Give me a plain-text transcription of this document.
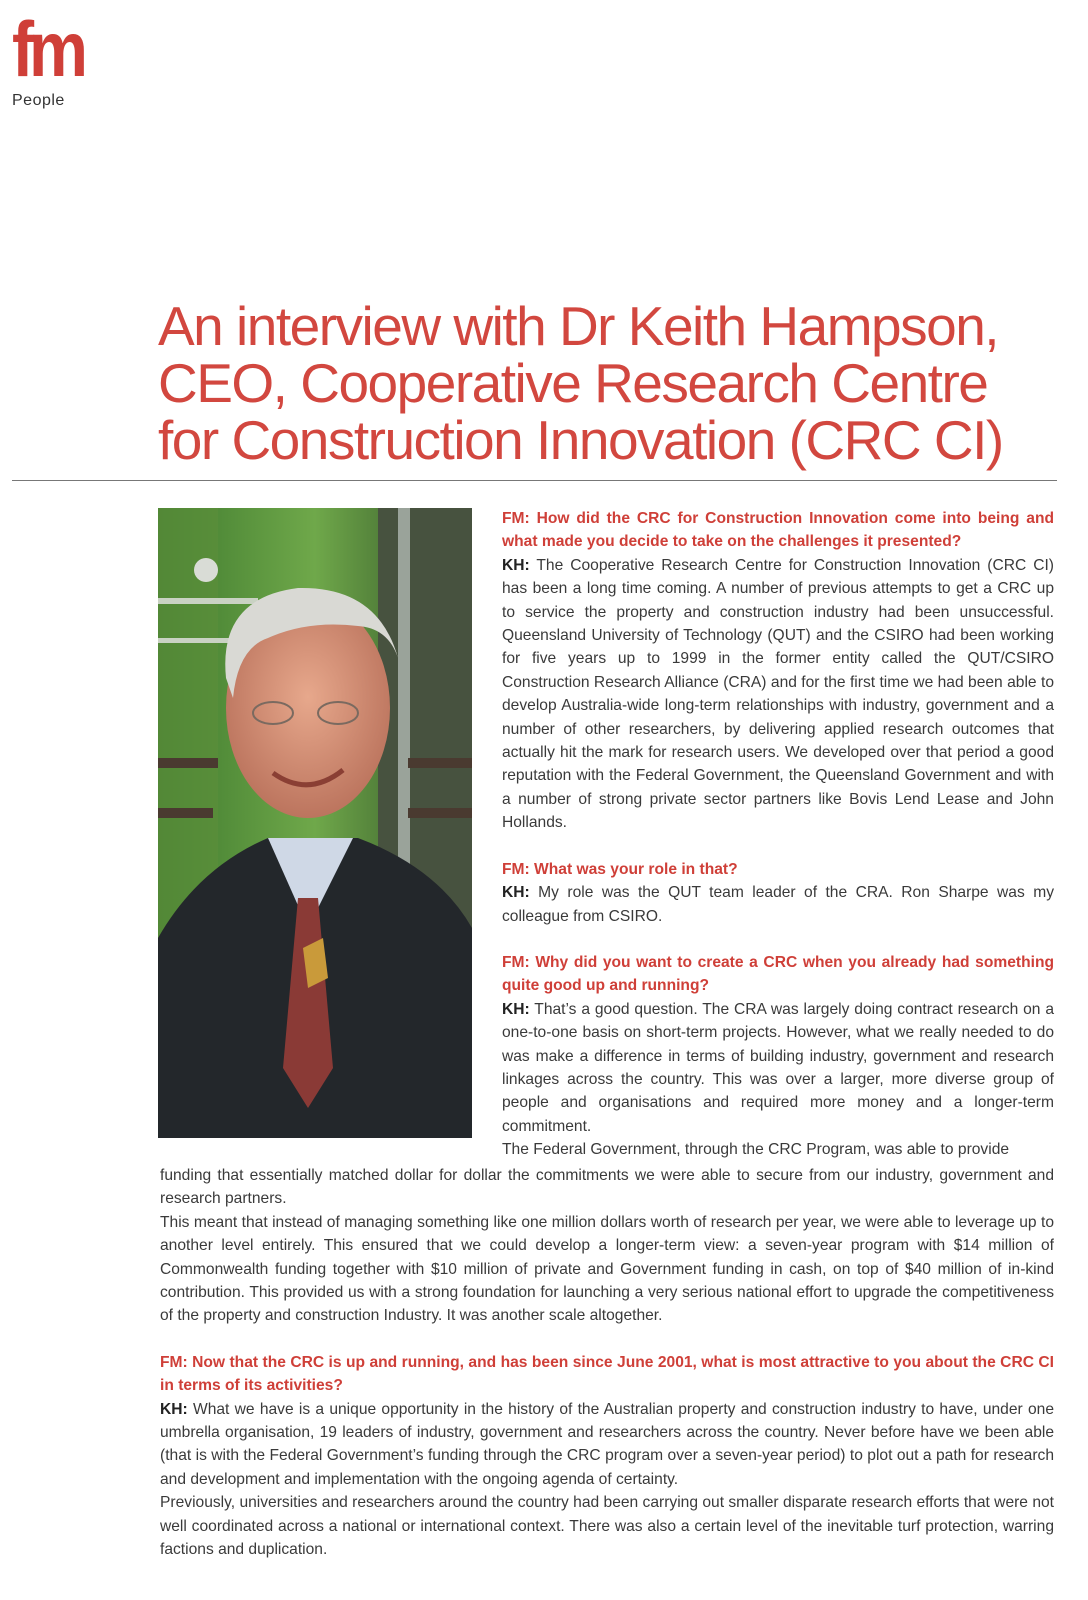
fm
People
An interview with Dr Keith Hampson,
CEO, Cooperative Research Centre
for Construction Innovation (CRC CI)
FM: How did the CRC for Construction Innovation come into being and what made you decide to take on the challenges it presented?

KH: The Cooperative Research Centre for Construction Innovation (CRC CI) has been a long time coming. A number of previous attempts to get a CRC up to service the property and construction industry had been unsuccessful. Queensland University of Technology (QUT) and the CSIRO had been working for five years up to 1999 in the former entity called the QUT/CSIRO Construction Research Alliance (CRA) and for the first time we had been able to develop Australia-wide long-term relationships with industry, government and a number of other researchers, by delivering applied research outcomes that actually hit the mark for research users. We developed over that period a good reputation with the Federal Government, the Queensland Government and with a number of strong private sector partners like Bovis Lend Lease and John Hollands.

FM: What was your role in that?

KH: My role was the QUT team leader of the CRA. Ron Sharpe was my colleague from CSIRO.

FM: Why did you want to create a CRC when you already had something quite good up and running?

KH: That’s a good question. The CRA was largely doing contract research on a one-to-one basis on short-term projects. However, what we really needed to do was make a difference in terms of building industry, government and research linkages across the country. This was over a larger, more diverse group of people and organisations and required more money and a longer-term commitment.

The Federal Government, through the CRC Program, was able to provide

funding that essentially matched dollar for dollar the commitments we were able to secure from our industry, government and research partners.

This meant that instead of managing something like one million dollars worth of research per year, we were able to leverage up to another level entirely. This ensured that we could develop a longer-term view: a seven-year program with $14 million of Commonwealth funding together with $10 million of private and Government funding in cash, on top of $40 million of in-kind contribution. This provided us with a strong foundation for launching a very serious national effort to upgrade the competitiveness of the property and construction Industry. It was another scale altogether.

FM: Now that the CRC is up and running, and has been since June 2001, what is most attractive to you about the CRC CI in terms of its activities?

KH: What we have is a unique opportunity in the history of the Australian property and construction industry to have, under one umbrella organisation, 19 leaders of industry, government and researchers across the country. Never before have we been able (that is with the Federal Government’s funding through the CRC program over a seven-year period) to plot out a path for research and development and implementation with the ongoing agenda of certainty.

Previously, universities and researchers around the country had been carrying out smaller disparate research efforts that were not well coordinated across a national or international context. There was also a certain level of the inevitable turf protection, warring factions and duplication.
